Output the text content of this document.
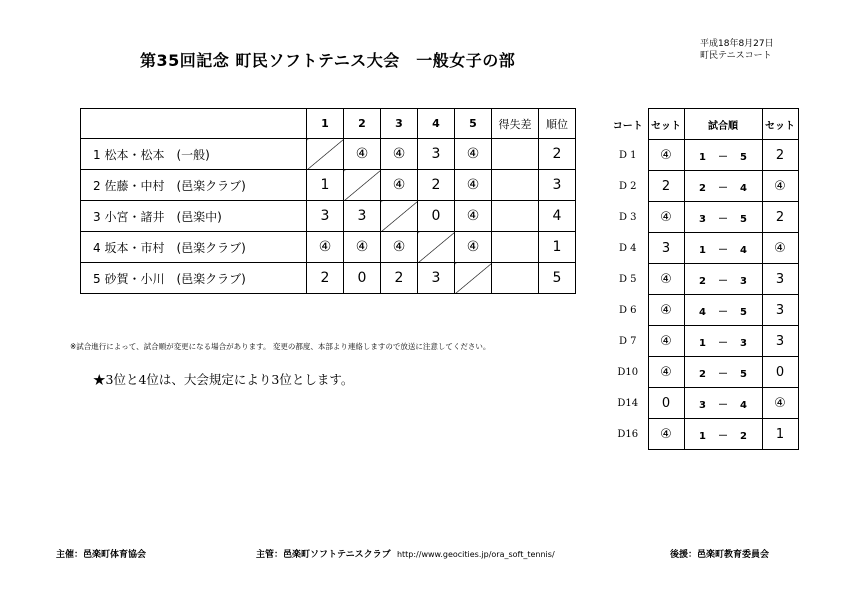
第35回記念 町民ソフトテニス大会　一般女子の部
平成18年8月27日
町民テニスコート
	1	2	3	4	5	得失差	順位
1 松本・松本　(一般)		④	④	3	④		2
2 佐藤・中村　(邑楽クラブ)	1		④	2	④		3
3 小宮・諸井　(邑楽中)	3	3		0	④		4
4 坂本・市村　(邑楽クラブ)	④	④	④		④		1
5 砂賀・小川　(邑楽クラブ)	2	0	2	3			5
コート	セット	試合順	セット
D 1	④	1 － 5	2
D 2	2	2 － 4	④
D 3	④	3 － 5	2
D 4	3	1 － 4	④
D 5	④	2 － 3	3
D 6	④	4 － 5	3
D 7	④	1 － 3	3
D10	④	2 － 5	0
D14	0	3 － 4	④
D16	④	1 － 2	1
※試合進行によって、試合順が変更になる場合があります。 変更の都度、本部より連絡しますので放送に注意してください。
★3位と4位は、大会規定により3位とします。
主催：邑楽町体育協会	主管：邑楽町ソフトテニスクラブ http://www.geocities.jp/ora_soft_tennis/	後援：邑楽町教育委員会
